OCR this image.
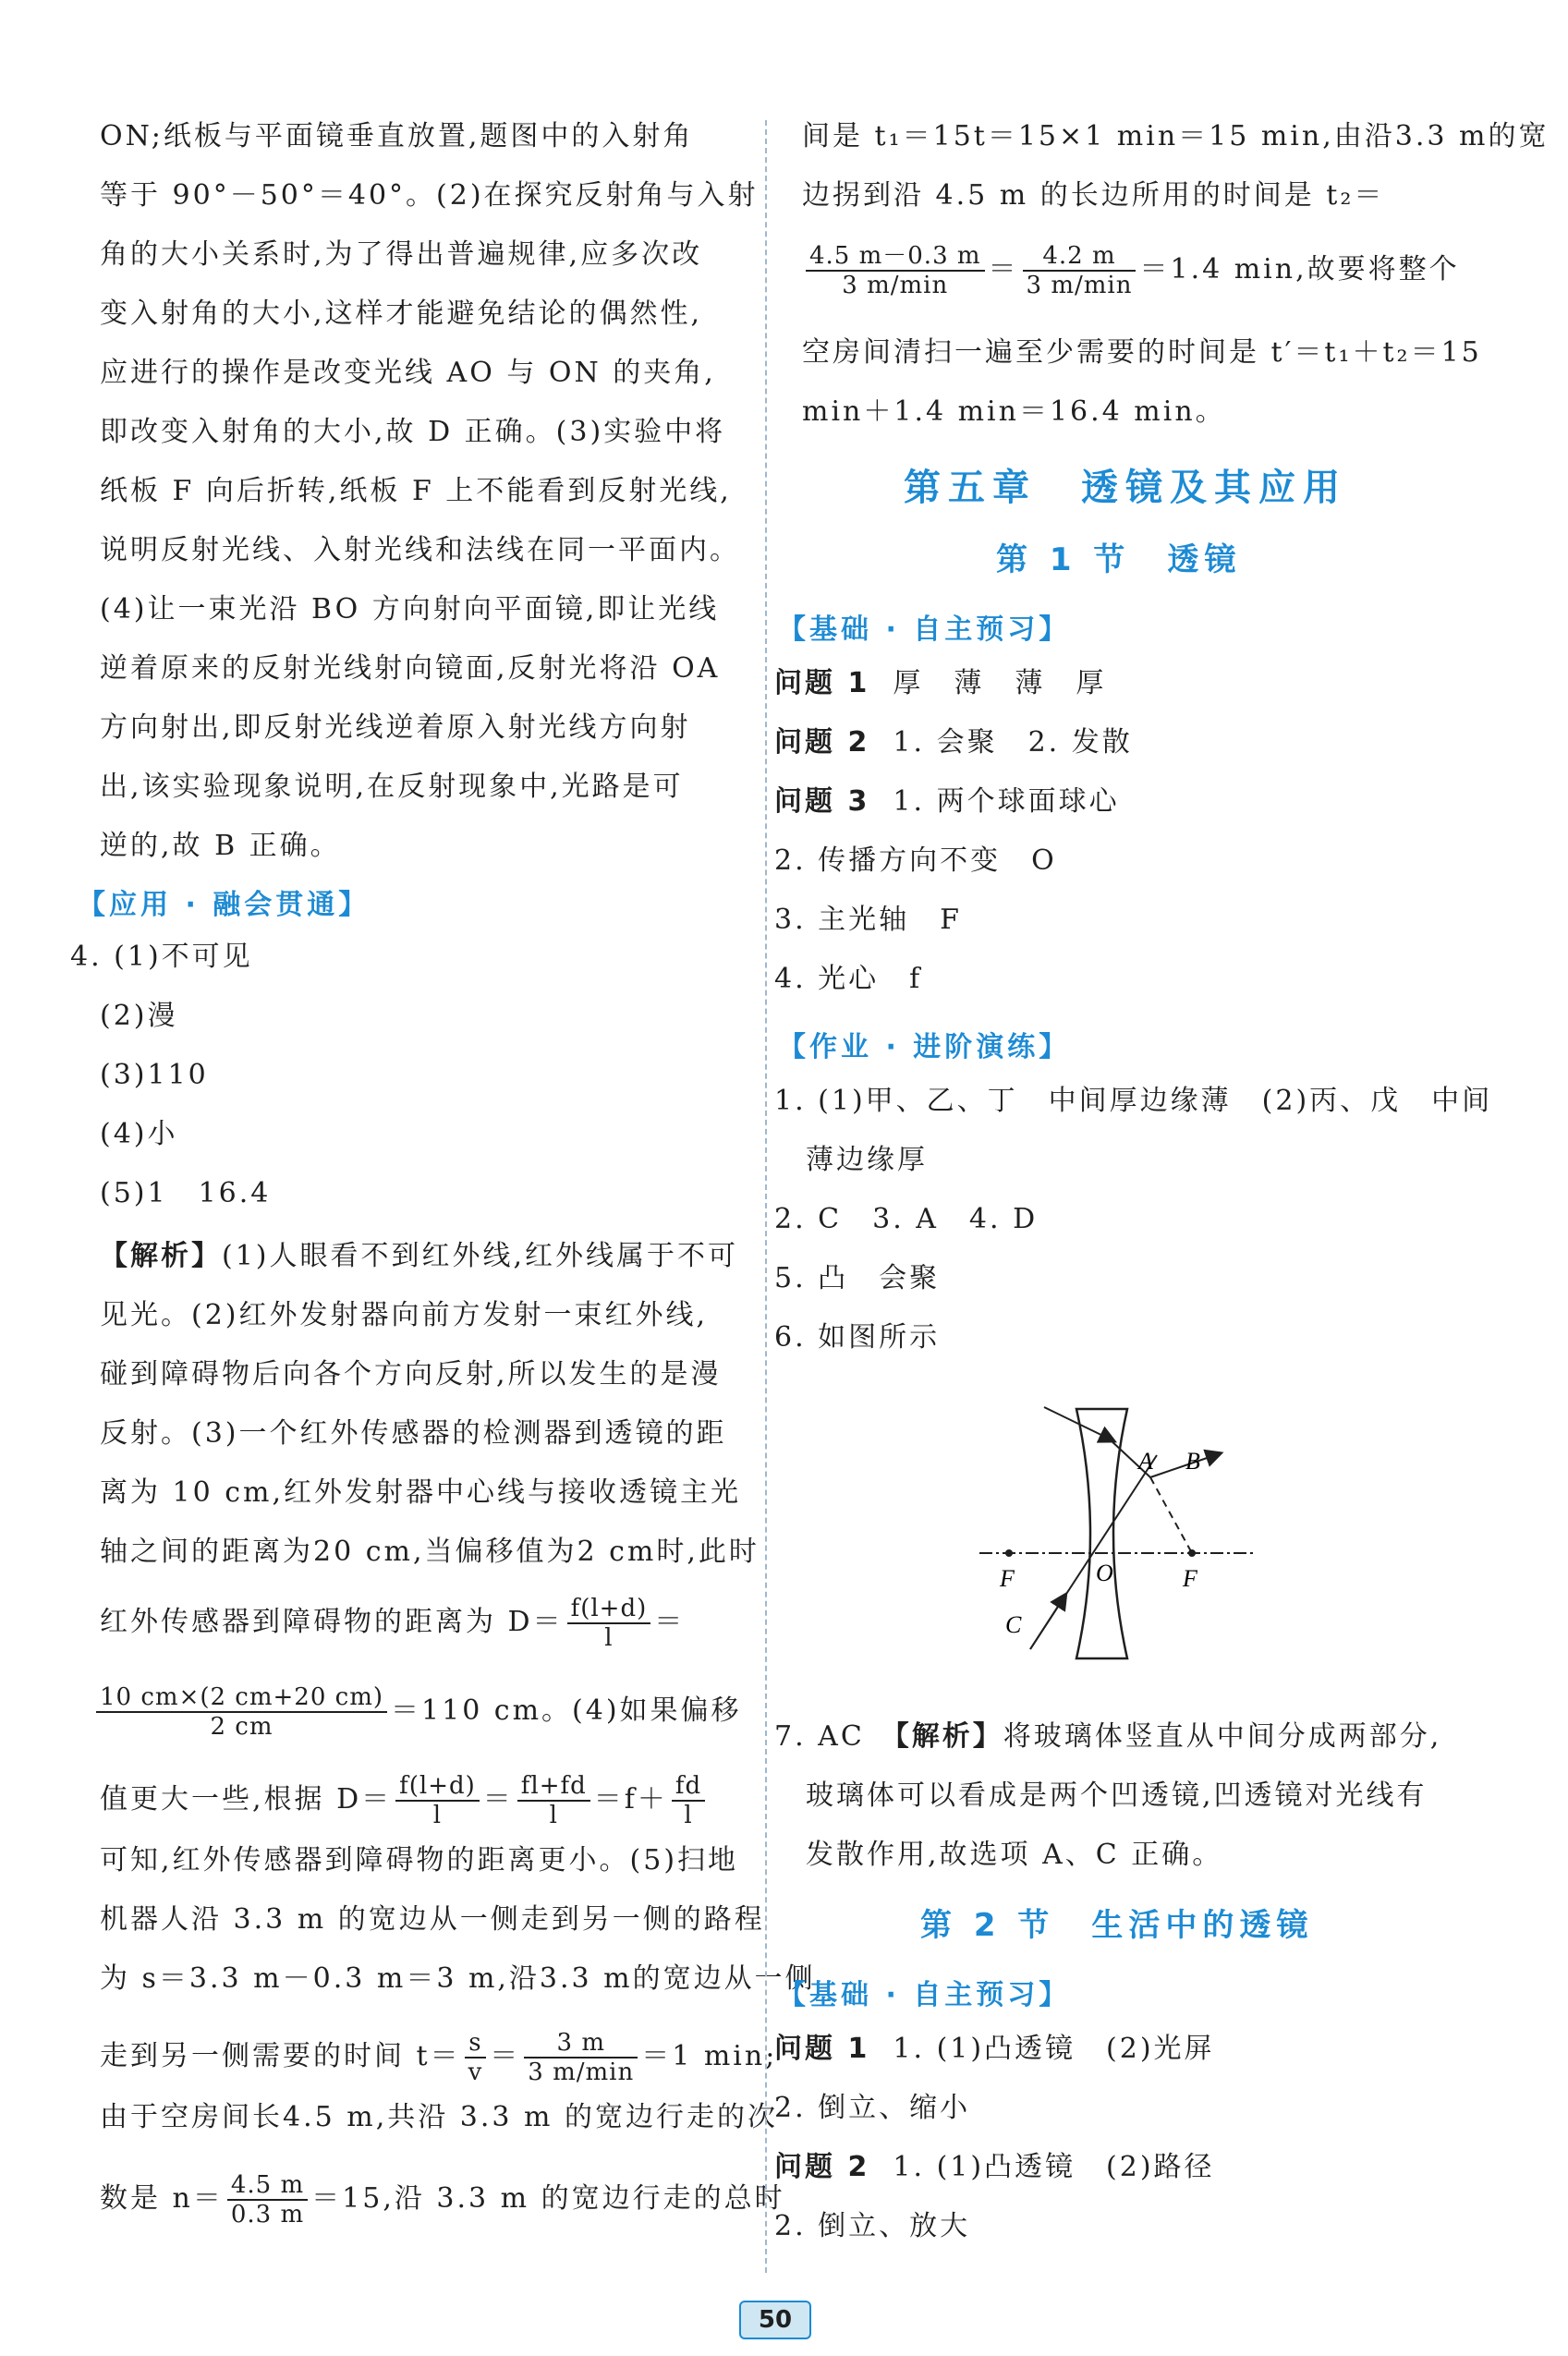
ON;纸板与平面镜垂直放置,题图中的入射角
等于 90°－50°＝40°。(2)在探究反射角与入射
角的大小关系时,为了得出普遍规律,应多次改
变入射角的大小,这样才能避免结论的偶然性,
应进行的操作是改变光线 AO 与 ON 的夹角,
即改变入射角的大小,故 D 正确。(3)实验中将
纸板 F 向后折转,纸板 F 上不能看到反射光线,
说明反射光线、入射光线和法线在同一平面内。
(4)让一束光沿 BO 方向射向平面镜,即让光线
逆着原来的反射光线射向镜面,反射光将沿 OA
方向射出,即反射光线逆着原入射光线方向射
出,该实验现象说明,在反射现象中,光路是可
逆的,故 B 正确。
【应用 · 融会贯通】
4. (1)不可见
(2)漫
(3)110
(4)小
(5)1　16.4
【解析】(1)人眼看不到红外线,红外线属于不可
见光。(2)红外发射器向前方发射一束红外线,
碰到障碍物后向各个方向反射,所以发生的是漫
反射。(3)一个红外传感器的检测器到透镜的距
离为 10 cm,红外发射器中心线与接收透镜主光
轴之间的距离为20 cm,当偏移值为2 cm时,此时
红外传感器到障碍物的距离为 $D= \frac{f(l+d)}{l}$ ＝
$\frac{10 cm\times(2 cm+20 cm)}{2 cm} =110$ cm。(4)如果偏移
值更大一些,根据 $D= \frac{f(l+d)}{l} = \frac{fl+fd}{l} =f+ \frac{fd}{l}$
可知,红外传感器到障碍物的距离更小。(5)扫地
机器人沿 3.3 m 的宽边从一侧走到另一侧的路程
为 s＝3.3 m－0.3 m＝3 m,沿3.3 m的宽边从一侧
走到另一侧需要的时间 $t= \frac{s}{v} = \frac{3 m}{3 m/\min} =1$ min;
由于空房间长4.5 m,共沿 3.3 m 的宽边行走的次
数是 $n= \frac{4.5 m}{0.3 m} =15$,沿 3.3 m 的宽边行走的总时
间是 t₁＝15t＝15×1 min＝15 min,由沿3.3 m的宽
边拐到沿 4.5 m 的长边所用的时间是 t₂＝
$\frac{4.5 m-0.3 m}{3 m/\min} = \frac{4.2 m}{3 m/\min} =1.4$ min,故要将整个
空房间清扫一遍至少需要的时间是 t′＝t₁＋t₂＝15
min＋1.4 min＝16.4 min。
第五章　透镜及其应用
第 1 节　透镜
【基础 · 自主预习】
问题 1 厚　薄　薄　厚
问题 2 1. 会聚　2. 发散
问题 3 1. 两个球面球心
2. 传播方向不变　O
3. 主光轴　F
4. 光心　f
【作业 · 进阶演练】
1. (1)甲、乙、丁　中间厚边缘薄　(2)丙、戊　中间
薄边缘厚
2. C　3. A　4. D
5. 凸　会聚
6. 如图所示
A B
F	O	F
C
7. AC　【解析】将玻璃体竖直从中间分成两部分,
玻璃体可以看成是两个凹透镜,凹透镜对光线有
发散作用,故选项 A、C 正确。
第 2 节　生活中的透镜
【基础 · 自主预习】
问题 1 1. (1)凸透镜　(2)光屏
2. 倒立、缩小
问题 2 1. (1)凸透镜　(2)路径
2. 倒立、放大
50
